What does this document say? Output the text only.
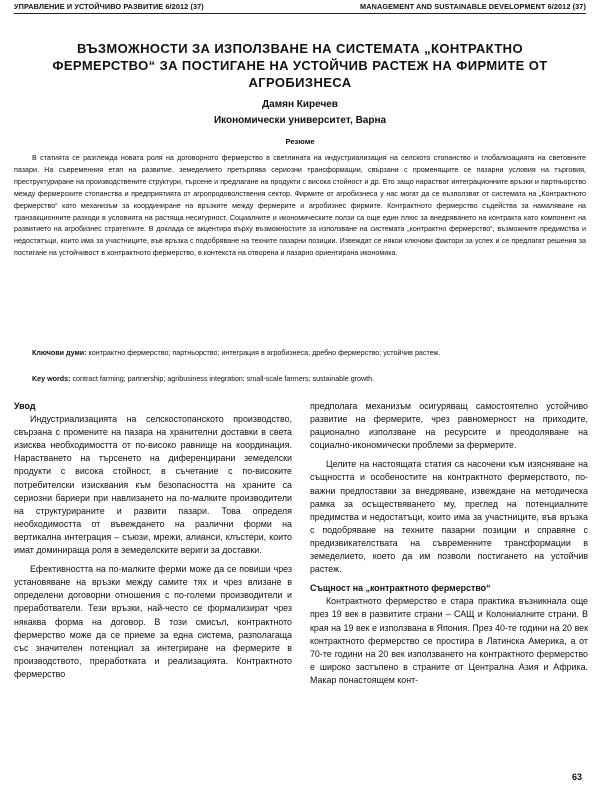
УПРАВЛЕНИЕ И УСТОЙЧИВО РАЗВИТИЕ 6/2012 (37)	MANAGEMENT AND SUSTAINABLE DEVELOPMENT 6/2012 (37)
ВЪЗМОЖНОСТИ ЗА ИЗПОЛЗВАНЕ НА СИСТЕМАТА „КОНТРАКТНО ФЕРМЕРСТВО“ ЗА ПОСТИГАНЕ НА УСТОЙЧИВ РАСТЕЖ НА ФИРМИТЕ ОТ АГРОБИЗНЕСА
Дамян Киречев
Икономически университет, Варна
Резюме

В статията се разглежда новата роля на договорното фермерство в светлината на индустриализация на селското стопанство и глобализацията на световните пазари. На съвременния етап на развитие, земеделието претърпява сериозни трансформации, свързани с променящите се пазарни условия на търговия, преструктуриране на производствените структури, търсене и предлагане на продукти с висока стойност и др. Ето защо нарастват интеграционните връзки и партньорство между фермерските стопанства и предприятията от агропродоволствения сектор. Фирмите от агробизнеса у нас могат да се възползват от системата на „Контрактното фермерство“ като механизъм за координиране на връзките между фермерите и агробизнес фирмите. Контрактното фермерство съдейства за намаляване на транзакционните разходи в условията на растяща несигурност. Социалните и икономическите ползи са още един плюс за внедряването на контракта като компонент на развитието на агробизнес стратегиите. В доклада се акцентира върху възможностите за използване на системата „контрактно фермерство“, възможните предимства и недостатъци, които има за участниците, във връзка с подобряване на техните пазарни позиции. Извеждат се някои ключови фактори за успех и се предлагат решения за постигане на устойчивост в контрактното фермерство, в контекста на отворена и пазарно ориентирана икономика.

Ключови думи: контрактно фермерство; партньорство; интеграция в агробизнеса; дребно фермерство; устойчив растеж.

Key words: contract farming; partnership; agribusiness integration; small-scale farmers; sustainable growth.

Увод

Индустриализацията на селскостопанското производство, свързана с промените на пазара на хранителни доставки в света изисква необходимостта от по-високо равнище на координация. Нарастването на търсенето на диференцирани земеделски продукти с висока стойност, в съчетание с по-високите потребителски изисквания към безопасността на храните са сериозни бариери при навлизането на по-малките производители на структурираните и развити пазари. Това определя необходимостта от въвеждането на различни форми на вертикална интеграция – съюзи, мрежи, алианси, клъстери, които имат доминираща роля в земеделските вериги за доставки.

Ефективността на по-малките ферми може да се повиши чрез установяване на връзки между самите тях и чрез влизане в определени договорни отношения с по-големи производители и преработватели. Тези връзки, най-често се формализират чрез някаква форма на договор. В този смисъл, контрактното фермерство може да се приеме за една система, разполагаща със значителен потенциал за интегриране на фермерите в производството, преработката и реализацията. Контрактното фермерство

предполага механизъм осигуряващ самостоятелно устойчиво развитие на фермерите, чрез равномерност на приходите, рационално използване на ресурсите и преодоляване на социално-икономически проблеми за фермерите.

Целите на настоящата статия са насочени към изясняване на същността и особеностите на контрактното фермерството, по-важни предпоставки за внедряване, извеждане на методическа рамка за осъществяването му, преглед на потенциалните предимства и недостатъци, които има за участниците, във връзка с подобряване на техните пазарни позиции и справяне с предизвикателствата на съвременните трансформации в земеделието, което да им позволи постигането на устойчив растеж.

Същност на „контрактното фермерство“

Контрактното фермерство е стара практика възникнала още през 19 век в развитите страни – САЩ и Колониалните страни. В края на 19 век е използвана в Япония. През 40-те години на 20 век контрактното фермерство се простира в Латинска Америка, а от 70-те години на 20 век използването на контрактното фермерство е широко застъпено в страните от Централна Азия и Африка. Макар понастоящем конт-

63
